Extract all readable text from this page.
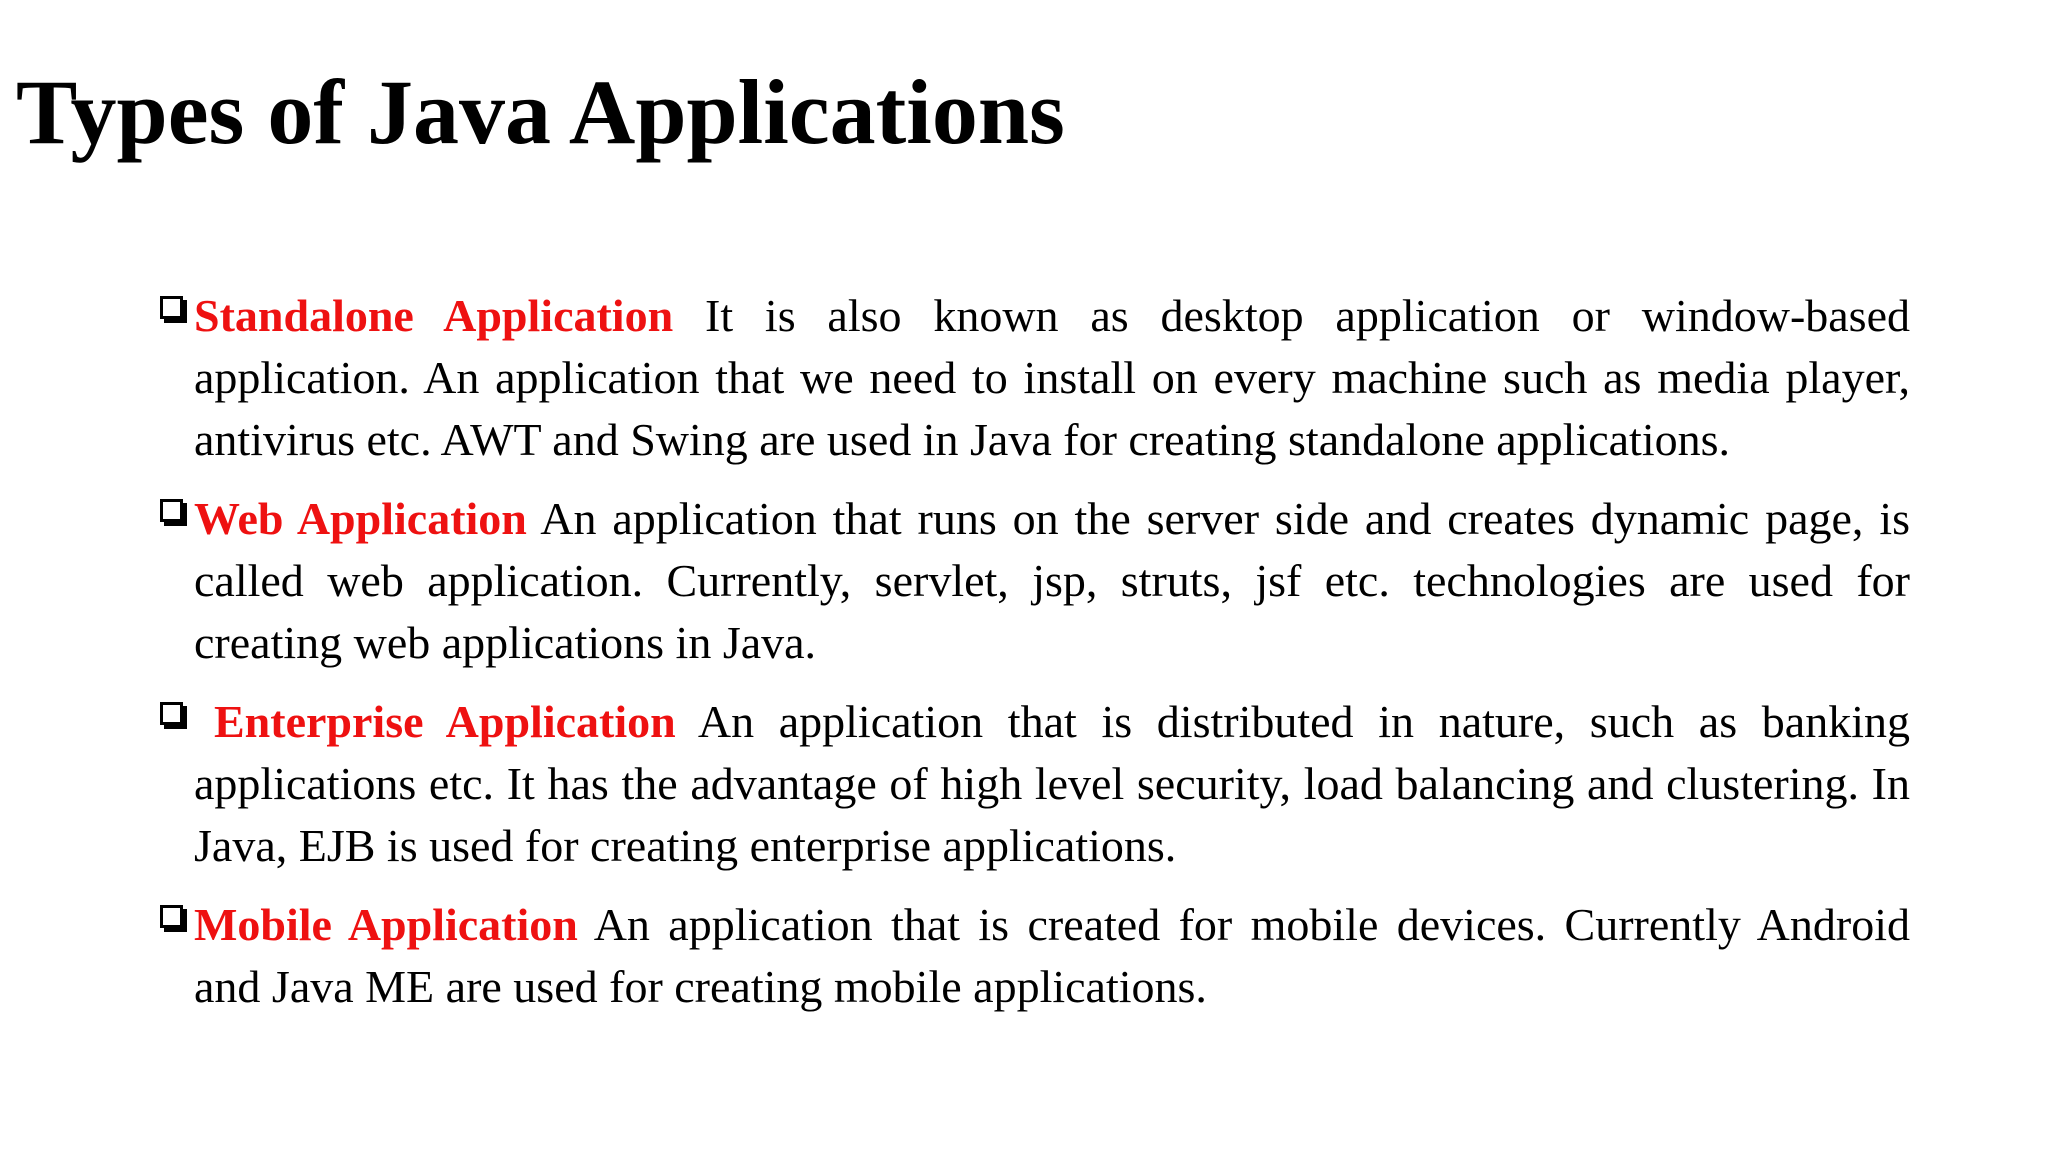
Types of Java Applications
Standalone Application It is also known as desktop application or window-based application. An application that we need to install on every machine such as media player, antivirus etc. AWT and Swing are used in Java for creating standalone applications.
Web Application An application that runs on the server side and creates dynamic page, is called web application. Currently, servlet, jsp, struts, jsf etc. technologies are used for creating web applications in Java.
Enterprise Application An application that is distributed in nature, such as banking applications etc. It has the advantage of high level security, load balancing and clustering. In Java, EJB is used for creating enterprise applications.
Mobile Application An application that is created for mobile devices. Currently Android and Java ME are used for creating mobile applications.
